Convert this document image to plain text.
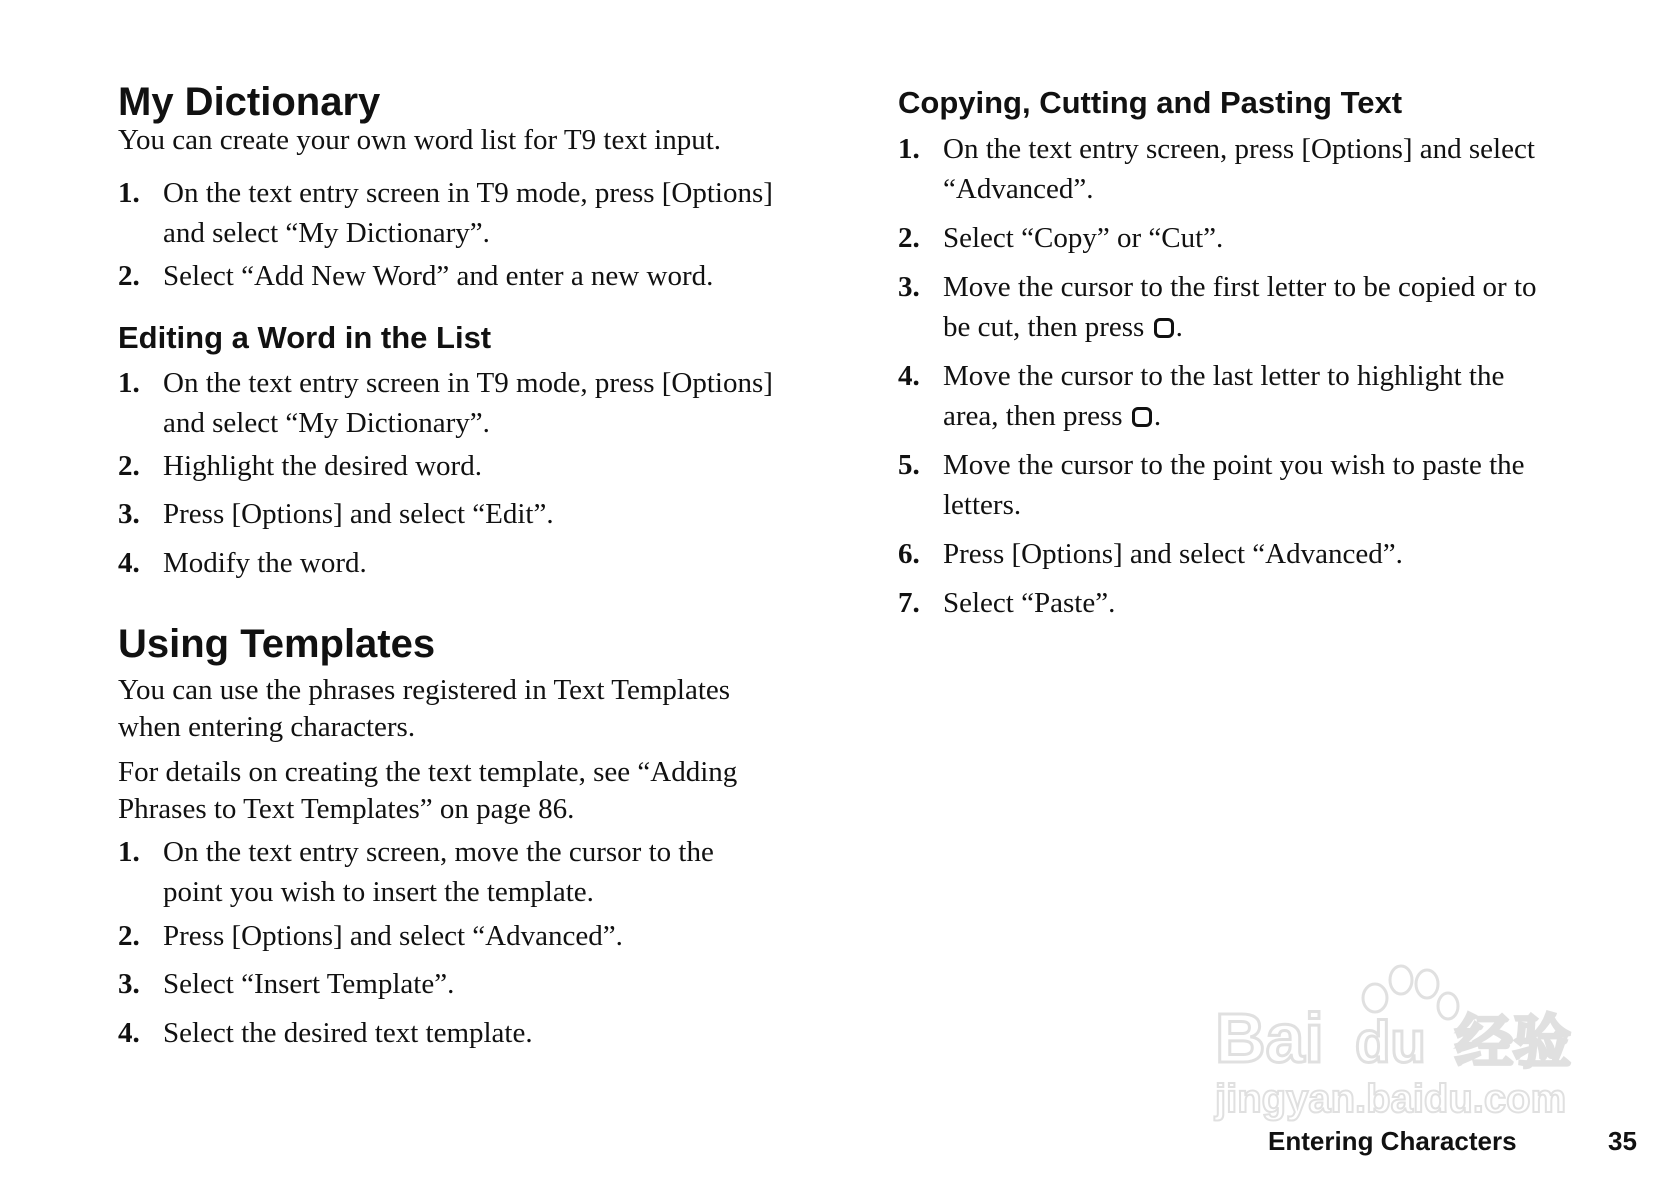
My Dictionary
You can create your own word list for T9 text input.
1. On the text entry screen in T9 mode, press [Options]
and select “My Dictionary”.
2. Select “Add New Word” and enter a new word.
Editing a Word in the List
1. On the text entry screen in T9 mode, press [Options]
and select “My Dictionary”.
2. Highlight the desired word.
3. Press [Options] and select “Edit”.
4. Modify the word.
Using Templates
You can use the phrases registered in Text Templates
when entering characters.
For details on creating the text template, see “Adding
Phrases to Text Templates” on page 86.
1. On the text entry screen, move the cursor to the
point you wish to insert the template.
2. Press [Options] and select “Advanced”.
3. Select “Insert Template”.
4. Select the desired text template.
Copying, Cutting and Pasting Text
1. On the text entry screen, press [Options] and select
“Advanced”.
2. Select “Copy” or “Cut”.
3. Move the cursor to the first letter to be copied or to
be cut, then press .
4. Move the cursor to the last letter to highlight the
area, then press .
5. Move the cursor to the point you wish to paste the
letters.
6. Press [Options] and select “Advanced”.
7. Select “Paste”.
Bai du 经验
jingyan.baidu.com
Entering Characters	35
